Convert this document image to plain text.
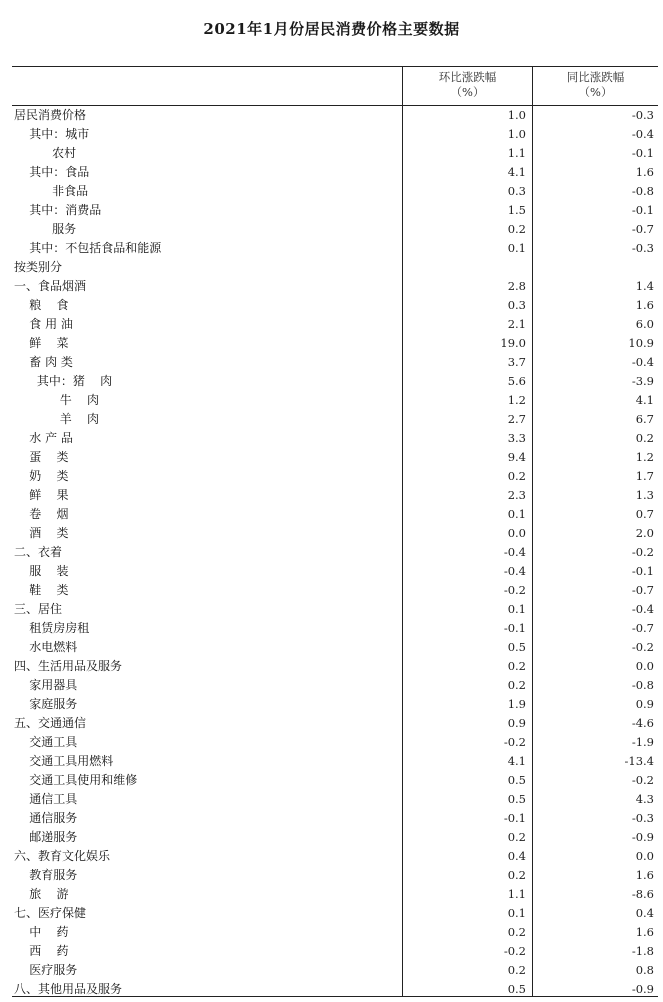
2021年1月份居民消费价格主要数据
环比涨跌幅
（%）
同比涨跌幅
（%）
居民消费价格	1.0	-0.3
其中：城市	1.0	-0.4
农村	1.1	-0.1
其中：食品	4.1	1.6
非食品	0.3	-0.8
其中：消费品	1.5	-0.1
服务	0.2	-0.7
其中：不包括食品和能源	0.1	-0.3
按类别分
一、食品烟酒	2.8	1.4
粮    食	0.3	1.6
食 用 油	2.1	6.0
鲜    菜	19.0	10.9
畜 肉 类	3.7	-0.4
其中：猪    肉	5.6	-3.9
牛    肉	1.2	4.1
羊    肉	2.7	6.7
水 产 品	3.3	0.2
蛋    类	9.4	1.2
奶    类	0.2	1.7
鲜    果	2.3	1.3
卷    烟	0.1	0.7
酒    类	0.0	2.0
二、衣着	-0.4	-0.2
服    装	-0.4	-0.1
鞋    类	-0.2	-0.7
三、居住	0.1	-0.4
租赁房房租	-0.1	-0.7
水电燃料	0.5	-0.2
四、生活用品及服务	0.2	0.0
家用器具	0.2	-0.8
家庭服务	1.9	0.9
五、交通通信	0.9	-4.6
交通工具	-0.2	-1.9
交通工具用燃料	4.1	-13.4
交通工具使用和维修	0.5	-0.2
通信工具	0.5	4.3
通信服务	-0.1	-0.3
邮递服务	0.2	-0.9
六、教育文化娱乐	0.4	0.0
教育服务	0.2	1.6
旅    游	1.1	-8.6
七、医疗保健	0.1	0.4
中    药	0.2	1.6
西    药	-0.2	-1.8
医疗服务	0.2	0.8
八、其他用品及服务	0.5	-0.9
